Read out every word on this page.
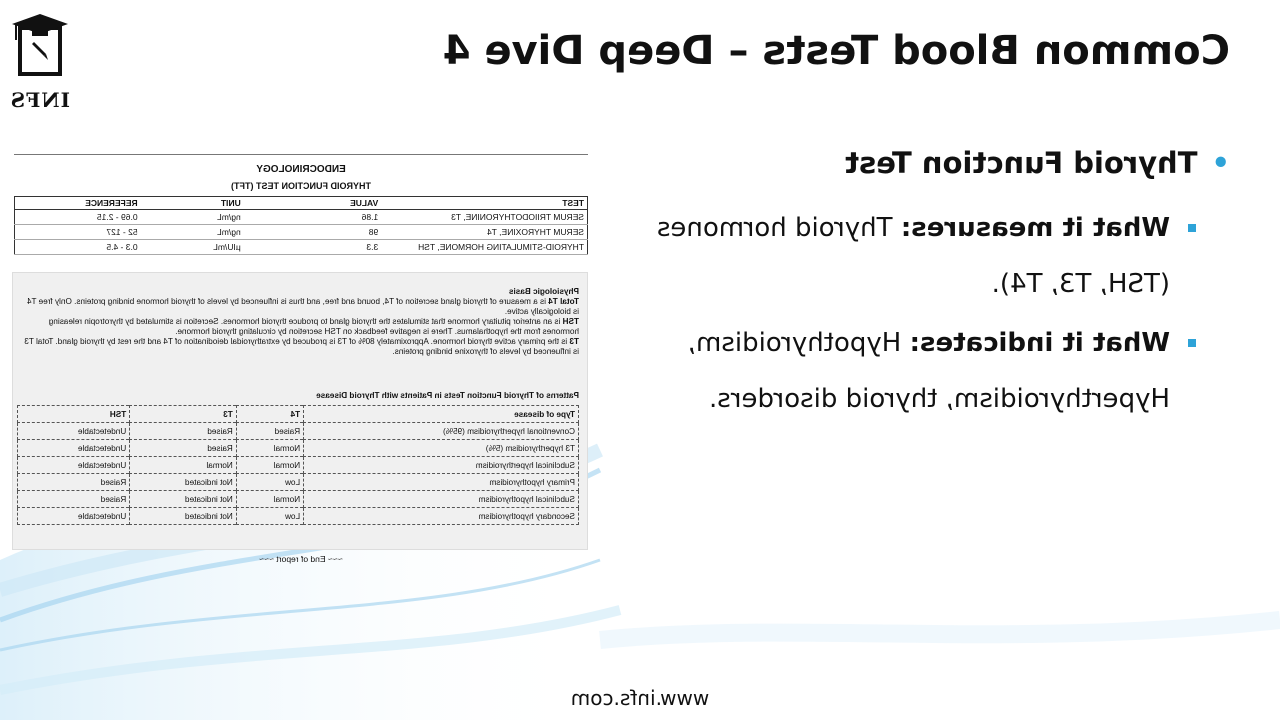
INFS
Common Blood Tests – Deep Dive 4
•Thyroid Function Test
What it measures: Thyroid hormones (TSH, T3, T4).
What it indicates: Hypothyroidism, Hyperthyroidism, thyroid disorders.
ENDOCRINOLOGY
THYROID FUNCTION TEST (TFT)
TEST	VALUE	UNIT	REFERENCE
SERUM TRIIODOTHYRONINE, T3	1.86	ng/mL	0.69 - 2.15
SERUM THYROXINE, T4	98	ng/mL	52 - 127
THYROID-STIMULATING HORMONE, TSH	3.3	µIU/mL	0.3 - 4.5

Physiologic Basis

Total T4 is a measure of thyroid gland secretion of T4, bound and free, and thus is influenced by levels of thyroid hormone binding proteins. Only free T4 is biologically active.

TSH is an anterior pituitary hormone that stimulates the thyroid gland to produce thyroid hormones. Secretion is stimulated by thyrotropin releasing hormones from the hypothalamus. There is negative feedback on TSH secretion by circulating thyroid hormone.

T3 is the primary active thyroid hormone. Approximately 80% of T3 is produced by extrathyroidal deiodination of T4 and the rest by thyroid gland. Total T3 is influenced by levels of thyroxine binding proteins.

Patterns of Thyroid Function Tests in Patients with Thyroid Disease
Type of disease	T4	T3	TSH
Conventional hyperthyroidism (95%)	Raised	Raised	Undetectable
T3 hyperthyroidism (5%)	Normal	Raised	Undetectable
Subclinical hyperthyroidism	Normal	Normal	Undetectable
Primary hypothyroidism	Low	Not indicated	Raised
Subclinical hypothyroidism	Normal	Not indicated	Raised
Secondary hypothyroidism	Low	Not indicated	Undetectable
~~~ End of report ~~~
www.infs.com
